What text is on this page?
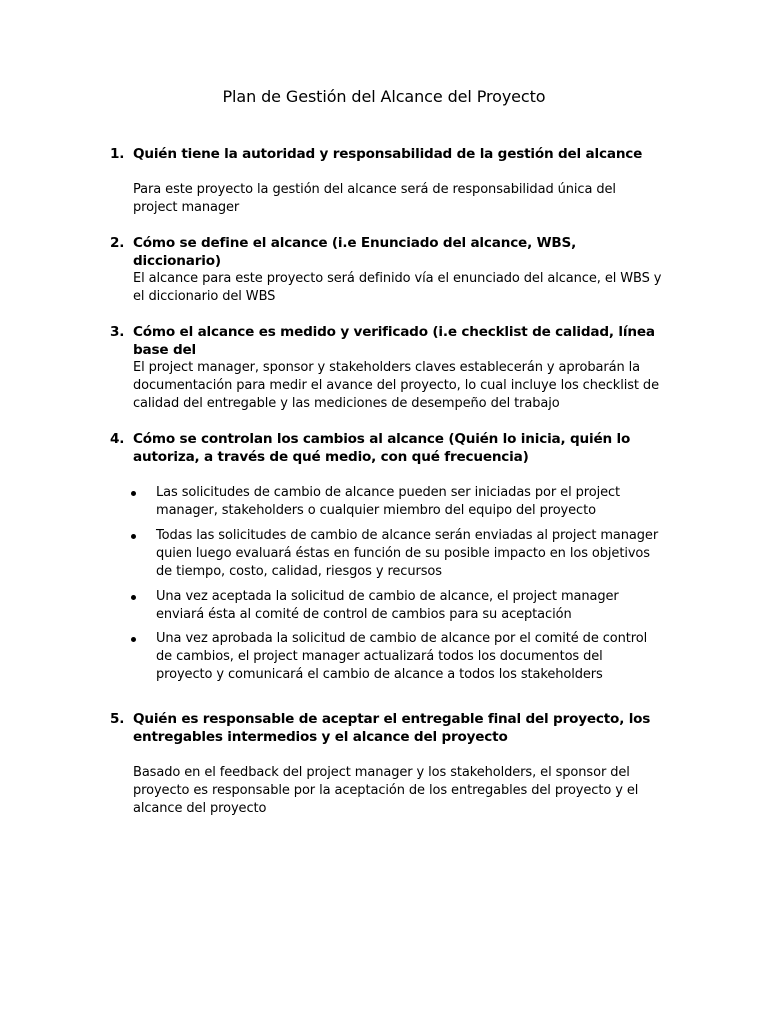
Plan de Gestión del Alcance del Proyecto
1. Quién tiene la autoridad y responsabilidad de la gestión del alcance
Para este proyecto la gestión del alcance será de responsabilidad única del project manager
2. Cómo se define el alcance (i.e Enunciado del alcance, WBS, diccionario)
El alcance para este proyecto será definido vía el enunciado del alcance, el WBS y el diccionario del WBS
3. Cómo el alcance es medido y verificado (i.e checklist de calidad, línea base del
El project manager, sponsor y stakeholders claves establecerán y aprobarán la documentación para medir el avance del proyecto, lo cual incluye los checklist de calidad del entregable y las mediciones de desempeño del trabajo
4. Cómo se controlan los cambios al alcance (Quién lo inicia, quién lo autoriza, a través de qué medio, con qué frecuencia)
Las solicitudes de cambio de alcance pueden ser iniciadas por el project manager, stakeholders o cualquier miembro del equipo del proyecto
Todas las solicitudes de cambio de alcance serán enviadas al project manager quien luego evaluará éstas en función de su posible impacto en los objetivos de tiempo, costo, calidad, riesgos y recursos
Una vez aceptada la solicitud de cambio de alcance, el project manager enviará ésta al comité de control de cambios para su aceptación
Una vez aprobada la solicitud de cambio de alcance por el comité de control de cambios, el project manager actualizará todos los documentos del proyecto y comunicará el cambio de alcance a todos los stakeholders
5. Quién es responsable de aceptar el entregable final del proyecto, los entregables intermedios y el alcance del proyecto
Basado en el feedback del project manager y los stakeholders, el sponsor del proyecto es responsable por la aceptación de los entregables del proyecto y el alcance del proyecto
